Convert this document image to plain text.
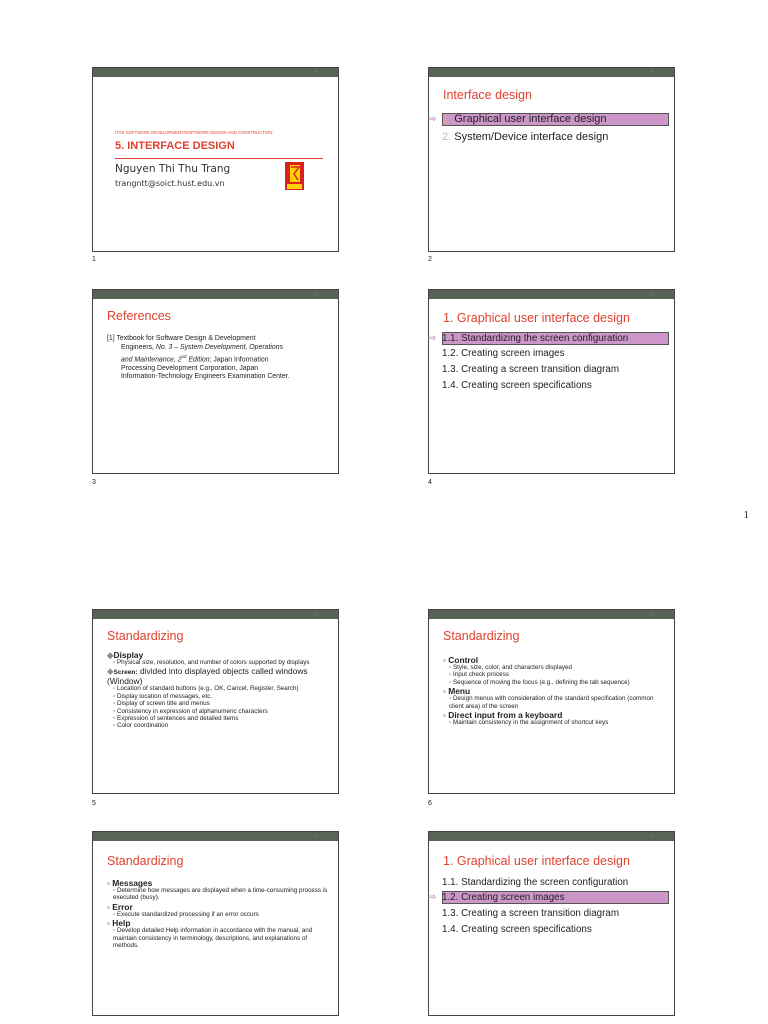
◦
ITSS SOFTWARE DEVELOPMENT/SOFTWARE DESIGN AND CONSTRUCTION
5. INTERFACE DESIGN
Nguyen Thi Thu Trang
trangntt@soict.hust.edu.vn
1
◦
Interface design
⇨ 1. Graphical user interface design
2. System/Device interface design
2
◦
References
[1] Textbook for Software Design & Development
Engineers, No. 3 – System Development, Operations
and Maintenance, 2nd Edition; Japan Information
Processing Development Corporation, Japan
Information-Technology Engineers Examination Center.
3
◦
1. Graphical user interface design
⇨ 1.1. Standardizing the screen configuration
1.2. Creating screen images
1.3. Creating a screen transition diagram
1.4. Creating screen specifications
4
1
◦
Standardizing
◆Display
◦ Physical size, resolution, and number of colors supported by displays
◆Screen: divided into displayed objects called windows (Window)
◦ Location of standard buttons (e.g., OK, Cancel, Register, Search)
◦ Display location of messages, etc.
◦ Display of screen title and menus
◦ Consistency in expression of alphanumeric characters
◦ Expression of sentences and detailed items
◦ Color coordination
5
◦
Standardizing
◦ Control
◦ Style, size, color, and characters displayed
◦ Input check process
◦ Sequence of moving the focus (e.g., defining the tab sequence)
◦ Menu
◦ Design menus with consideration of the standard specification (common client area) of the screen
◦ Direct input from a keyboard
◦ Maintain consistency in the assignment of shortcut keys
6
◦
Standardizing
◦ Messages
◦ Determine how messages are displayed when a time-consuming process is executed (busy).
◦ Error
◦ Execute standardized processing if an error occurs
◦ Help
◦ Develop detailed Help information in accordance with the manual, and maintain consistency in terminology, descriptions, and explanations of methods.
◦
1. Graphical user interface design
1.1. Standardizing the screen configuration
⇨ 1.2. Creating screen images
1.3. Creating a screen transition diagram
1.4. Creating screen specifications
